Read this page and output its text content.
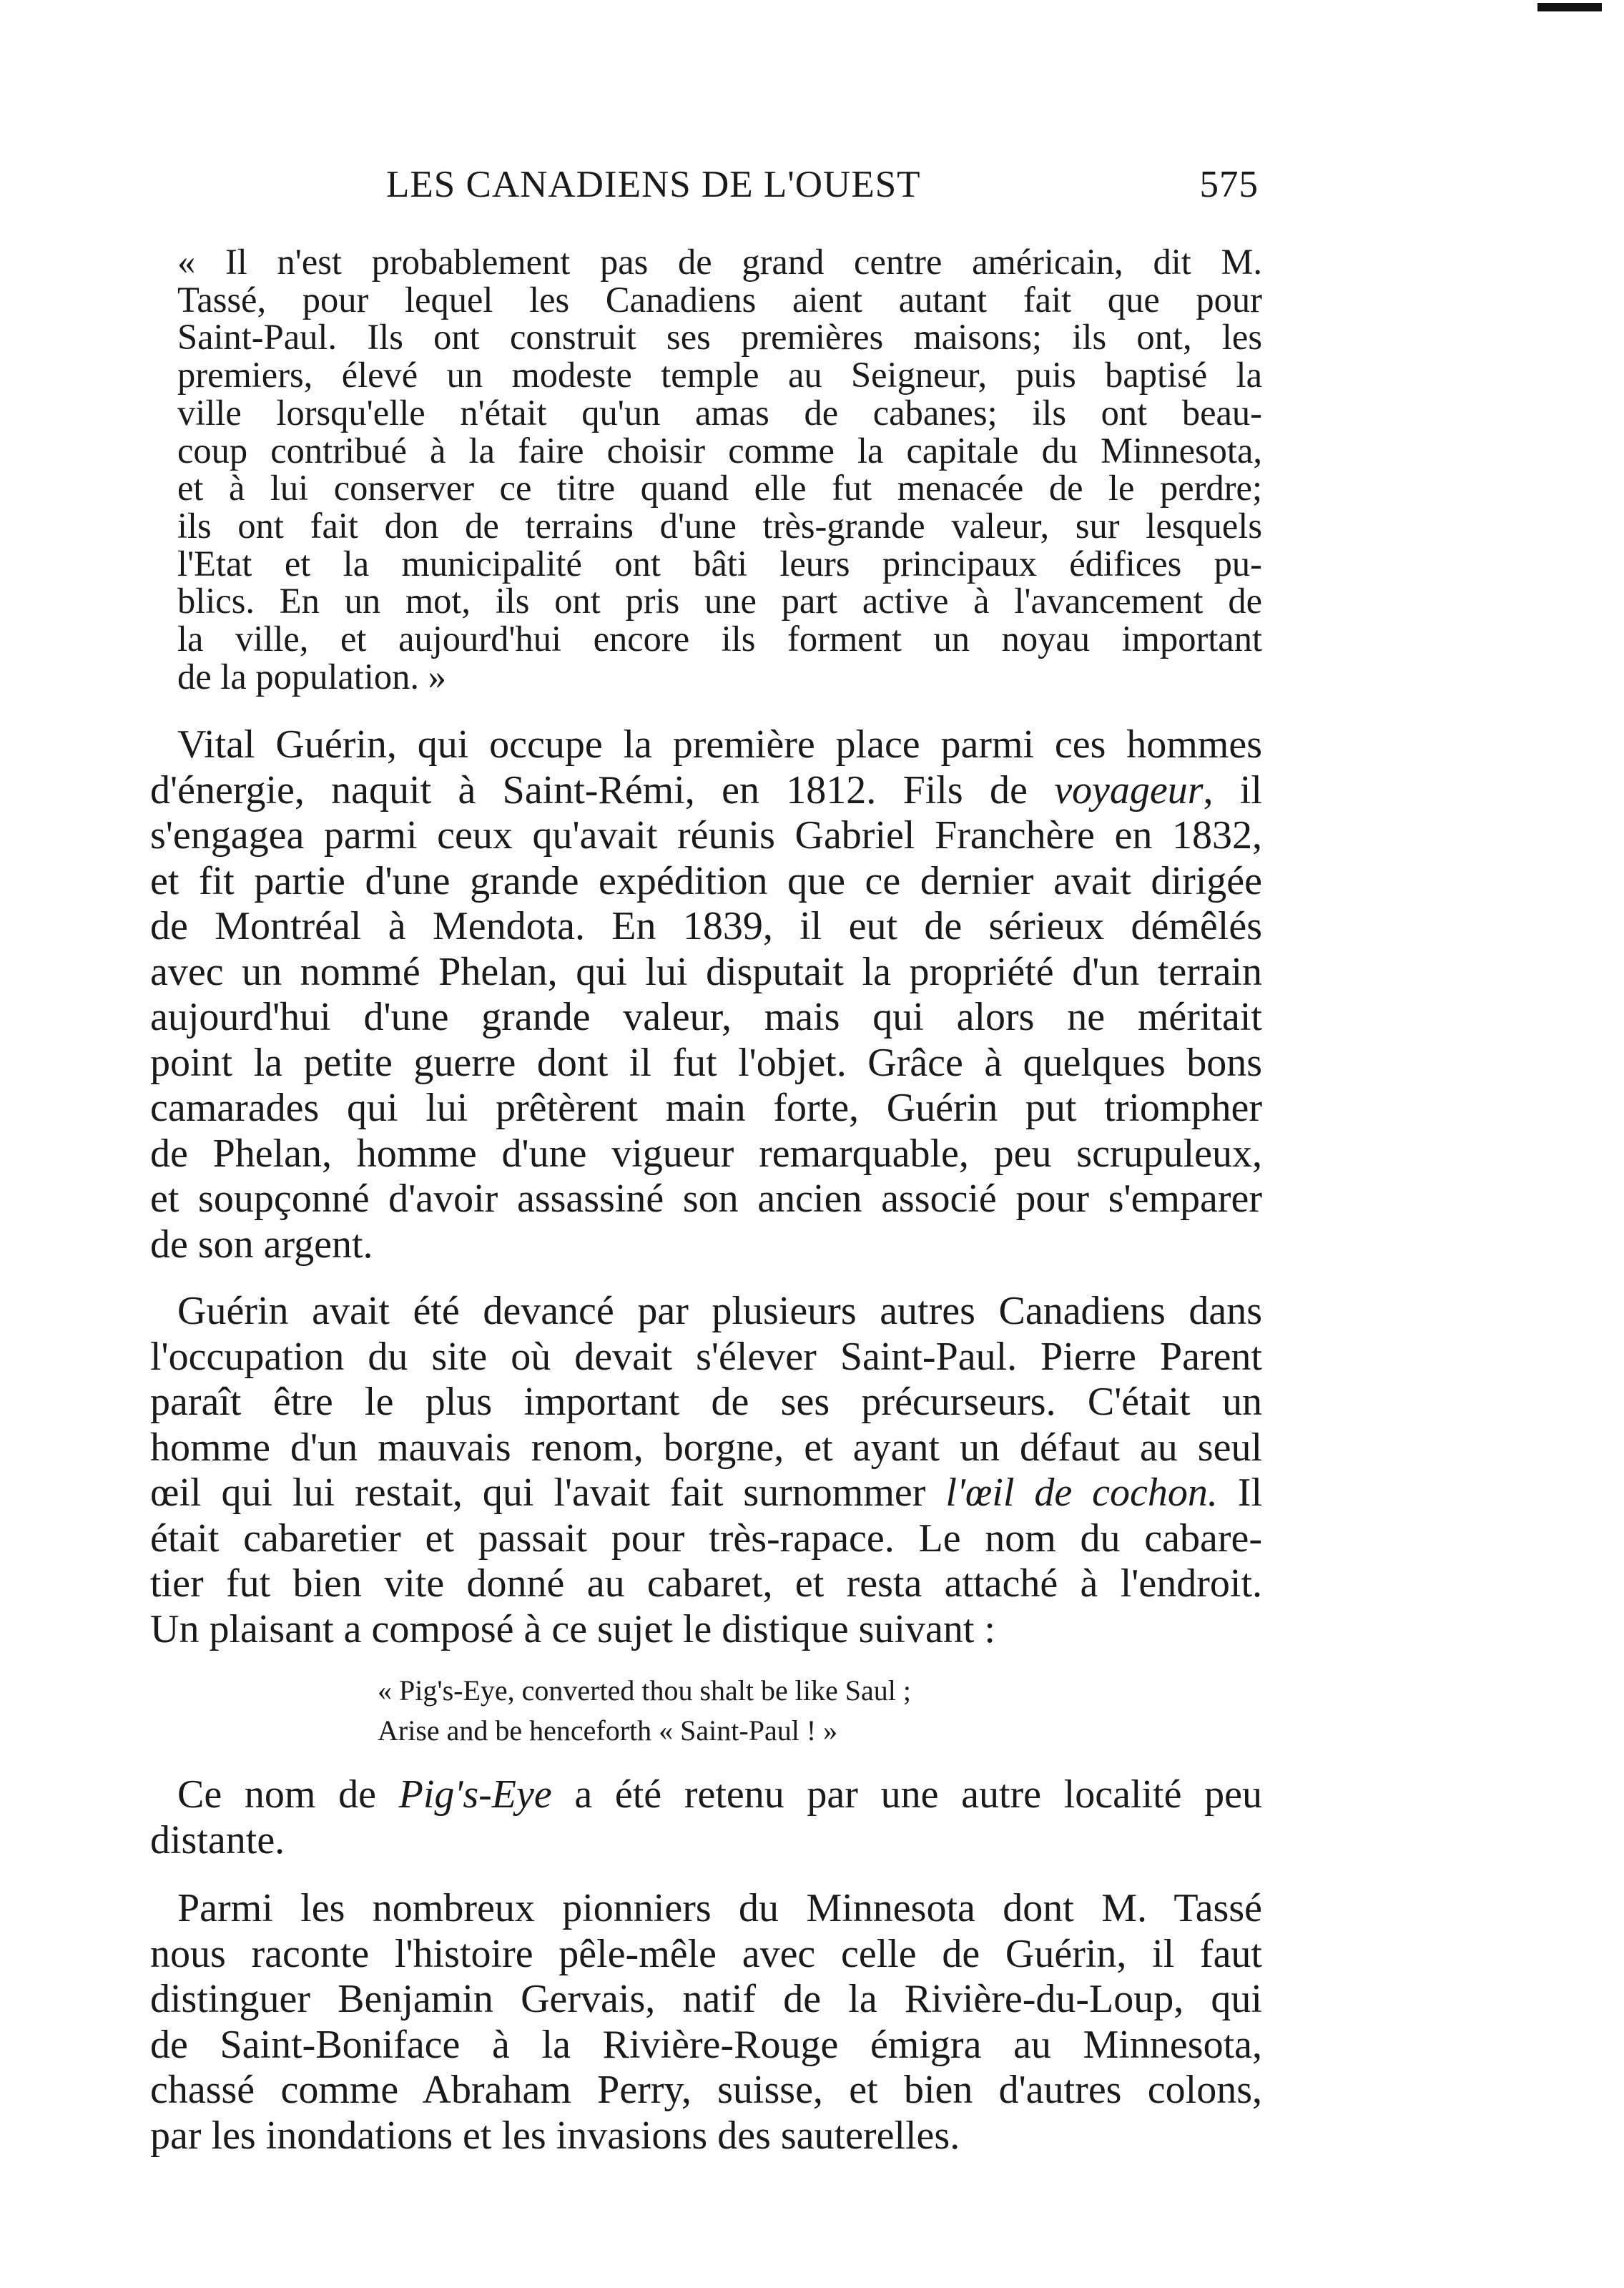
LES CANADIENS DE L'OUEST	575

« Il n'est probablement pas de grand centre américain, dit M.
Tassé, pour lequel les Canadiens aient autant fait que pour
Saint-Paul. Ils ont construit ses premières maisons; ils ont, les
premiers, élevé un modeste temple au Seigneur, puis baptisé la
ville lorsqu'elle n'était qu'un amas de cabanes; ils ont beau-
coup contribué à la faire choisir comme la capitale du Minnesota,
et à lui conserver ce titre quand elle fut menacée de le perdre;
ils ont fait don de terrains d'une très-grande valeur, sur lesquels
l'Etat et la municipalité ont bâti leurs principaux édifices pu-
blics. En un mot, ils ont pris une part active à l'avancement de
la ville, et aujourd'hui encore ils forment un noyau important
de la population. »

Vital Guérin, qui occupe la première place parmi ces hommes
d'énergie, naquit à Saint-Rémi, en 1812. Fils de voyageur, il
s'engagea parmi ceux qu'avait réunis Gabriel Franchère en 1832,
et fit partie d'une grande expédition que ce dernier avait dirigée
de Montréal à Mendota. En 1839, il eut de sérieux démêlés
avec un nommé Phelan, qui lui disputait la propriété d'un terrain
aujourd'hui d'une grande valeur, mais qui alors ne méritait
point la petite guerre dont il fut l'objet. Grâce à quelques bons
camarades qui lui prêtèrent main forte, Guérin put triompher
de Phelan, homme d'une vigueur remarquable, peu scrupuleux,
et soupçonné d'avoir assassiné son ancien associé pour s'emparer
de son argent.

Guérin avait été devancé par plusieurs autres Canadiens dans
l'occupation du site où devait s'élever Saint-Paul. Pierre Parent
paraît être le plus important de ses précurseurs. C'était un
homme d'un mauvais renom, borgne, et ayant un défaut au seul
œil qui lui restait, qui l'avait fait surnommer l'œil de cochon. Il
était cabaretier et passait pour très-rapace. Le nom du cabare-
tier fut bien vite donné au cabaret, et resta attaché à l'endroit.
Un plaisant a composé à ce sujet le distique suivant :

« Pig's-Eye, converted thou shalt be like Saul ;
Arise and be henceforth « Saint-Paul ! »

Ce nom de Pig's-Eye a été retenu par une autre localité peu
distante.

Parmi les nombreux pionniers du Minnesota dont M. Tassé
nous raconte l'histoire pêle-mêle avec celle de Guérin, il faut
distinguer Benjamin Gervais, natif de la Rivière-du-Loup, qui
de Saint-Boniface à la Rivière-Rouge émigra au Minnesota,
chassé comme Abraham Perry, suisse, et bien d'autres colons,
par les inondations et les invasions des sauterelles.
